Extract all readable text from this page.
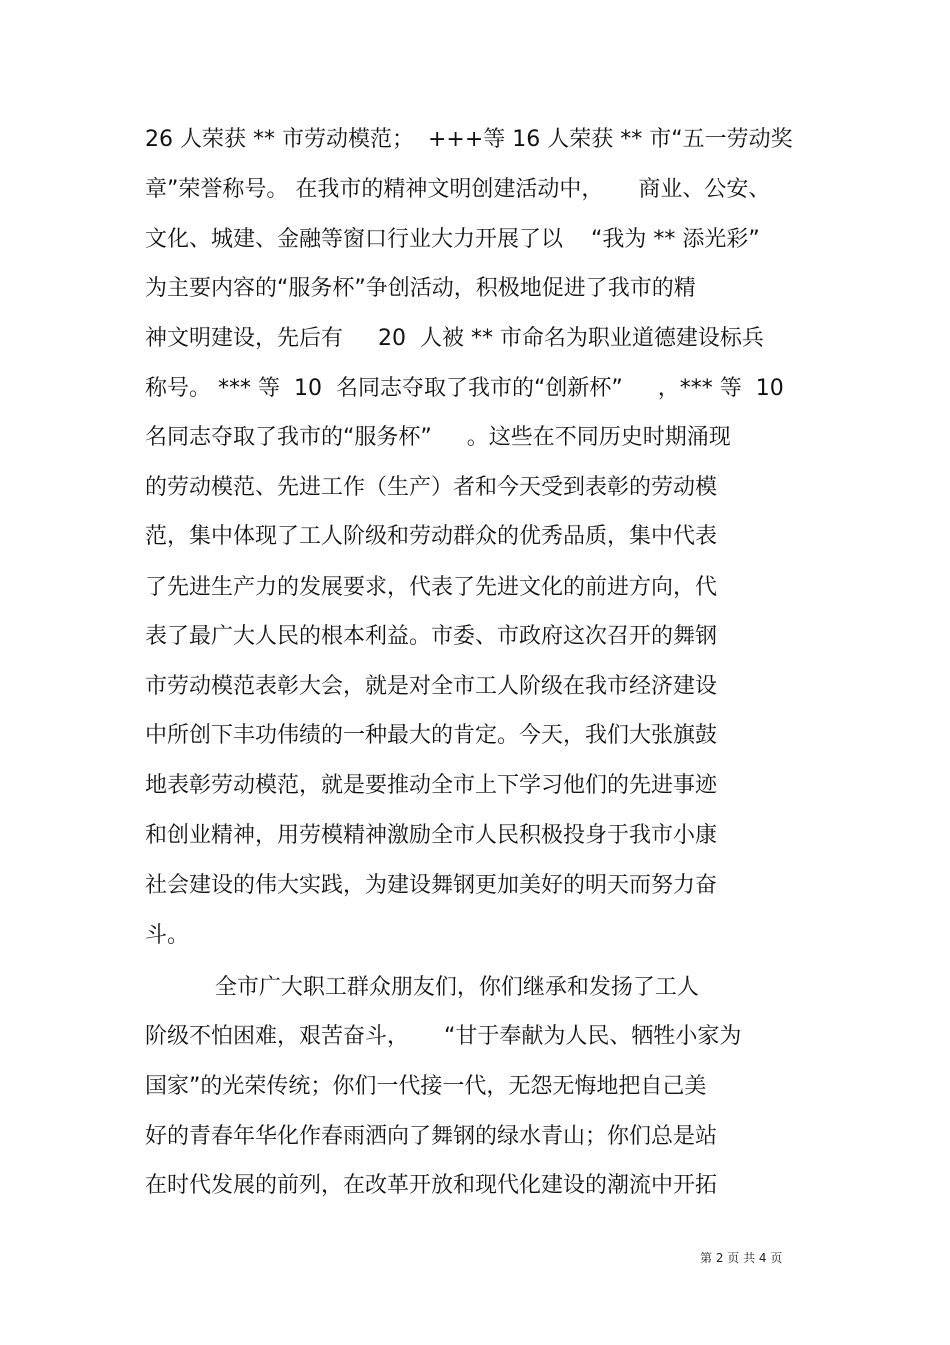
26 人荣获 ** 市劳动模范；  +++等 16 人荣获 ** 市“五一劳动奖
章”荣誉称号。 在我市的精神文明创建活动中，     商业、公安、
文化、城建、金融等窗口行业大力开展了以    “我为 ** 添光彩”
为主要内容的“服务杯”争创活动，积极地促进了我市的精
神文明建设，先后有     20  人被 ** 市命名为职业道德建设标兵
称号。 *** 等  10  名同志夺取了我市的“创新杯”     ，*** 等  10
名同志夺取了我市的“服务杯”     。这些在不同历史时期涌现
的劳动模范、先进工作（生产）者和今天受到表彰的劳动模
范，集中体现了工人阶级和劳动群众的优秀品质，集中代表
了先进生产力的发展要求，代表了先进文化的前进方向，代
表了最广大人民的根本利益。市委、市政府这次召开的舞钢
市劳动模范表彰大会，就是对全市工人阶级在我市经济建设
中所创下丰功伟绩的一种最大的肯定。今天，我们大张旗鼓
地表彰劳动模范，就是要推动全市上下学习他们的先进事迹
和创业精神，用劳模精神激励全市人民积极投身于我市小康
社会建设的伟大实践，为建设舞钢更加美好的明天而努力奋
斗。
全市广大职工群众朋友们，你们继承和发扬了工人
阶级不怕困难，艰苦奋斗，     “甘于奉献为人民、牺牲小家为
国家”的光荣传统；你们一代接一代，无怨无悔地把自己美
好的青春年华化作春雨洒向了舞钢的绿水青山；你们总是站
在时代发展的前列，在改革开放和现代化建设的潮流中开拓
第 2 页 共 4 页
